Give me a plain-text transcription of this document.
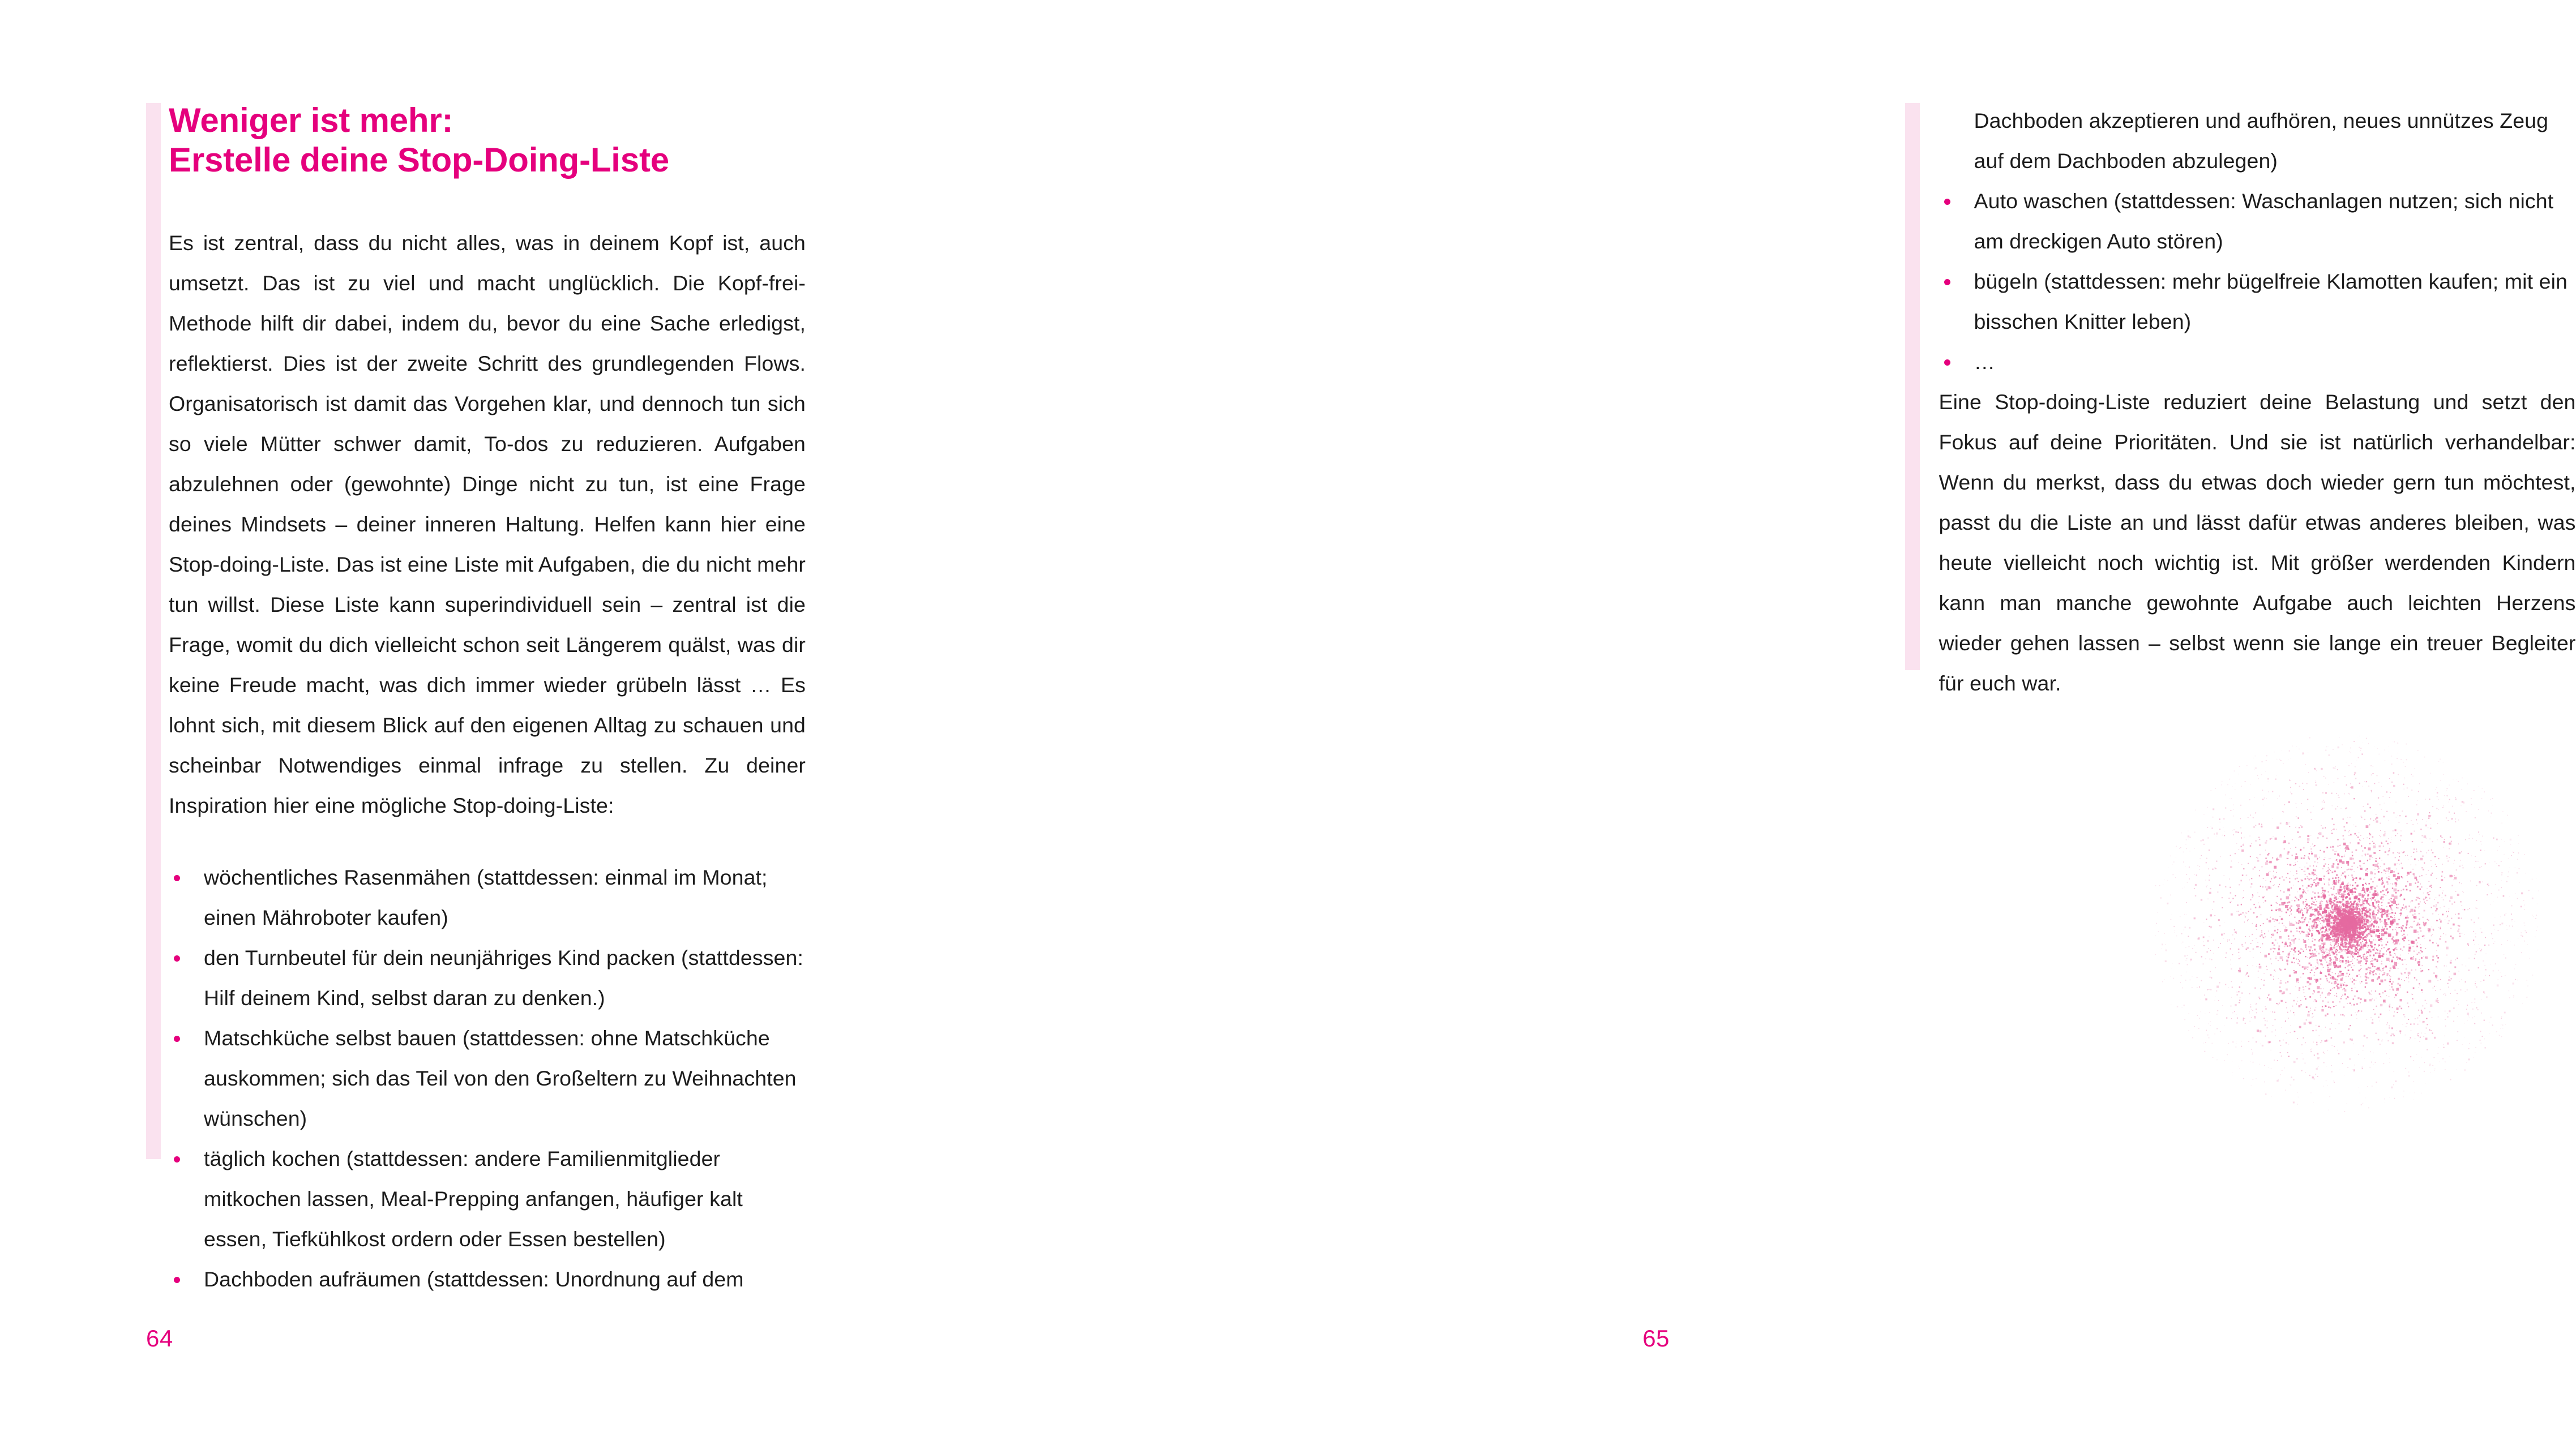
Weniger ist mehr:
Erstelle deine Stop-Doing-Liste

Es ist zentral, dass du nicht alles, was in deinem Kopf ist, auch umsetzt. Das ist zu viel und macht unglücklich. Die Kopf-frei-Methode hilft dir dabei, indem du, bevor du eine Sache erledigst, reflektierst. Dies ist der zweite Schritt des grundlegenden Flows. Organisatorisch ist damit das Vorgehen klar, und dennoch tun sich so viele Mütter schwer damit, To-dos zu reduzieren. Aufgaben abzulehnen oder (gewohnte) Dinge nicht zu tun, ist eine Frage deines Mindsets – deiner inneren Haltung. Helfen kann hier eine Stop-doing-Liste. Das ist eine Liste mit Aufgaben, die du nicht mehr tun willst. Diese Liste kann superindividuell sein – zentral ist die Frage, womit du dich vielleicht schon seit Längerem quälst, was dir keine Freude macht, was dich immer wieder grübeln lässt … Es lohnt sich, mit diesem Blick auf den eigenen Alltag zu schauen und scheinbar Notwendiges einmal infrage zu stellen. Zu deiner Inspiration hier eine mögliche Stop-doing-Liste:

wöchentliches Rasenmähen (stattdessen: einmal im Monat; einen Mähroboter kaufen)
den Turnbeutel für dein neunjähriges Kind packen (stattdessen: Hilf deinem Kind, selbst daran zu denken.)
Matschküche selbst bauen (stattdessen: ohne Matschküche auskommen; sich das Teil von den Großeltern zu Weihnachten wünschen)
täglich kochen (stattdessen: andere Familienmitglieder mitkochen lassen, Meal-Prepping anfangen, häufiger kalt essen, Tiefkühlkost ordern oder Essen bestellen)
Dachboden aufräumen (stattdessen: Unordnung auf dem
64
Dachboden akzeptieren und aufhören, neues unnützes Zeug auf dem Dachboden abzulegen)
Auto waschen (stattdessen: Waschanlagen nutzen; sich nicht am dreckigen Auto stören)
bügeln (stattdessen: mehr bügelfreie Klamotten kaufen; mit ein bisschen Knitter leben)
…

Eine Stop-doing-Liste reduziert deine Belastung und setzt den Fokus auf deine Prioritäten. Und sie ist natürlich verhandelbar: Wenn du merkst, dass du etwas doch wieder gern tun möchtest, passt du die Liste an und lässt dafür etwas anderes bleiben, was heute vielleicht noch wichtig ist. Mit größer werdenden Kindern kann man manche gewohnte Aufgabe auch leichten Herzens wieder gehen lassen – selbst wenn sie lange ein treuer Begleiter für euch war.

65
